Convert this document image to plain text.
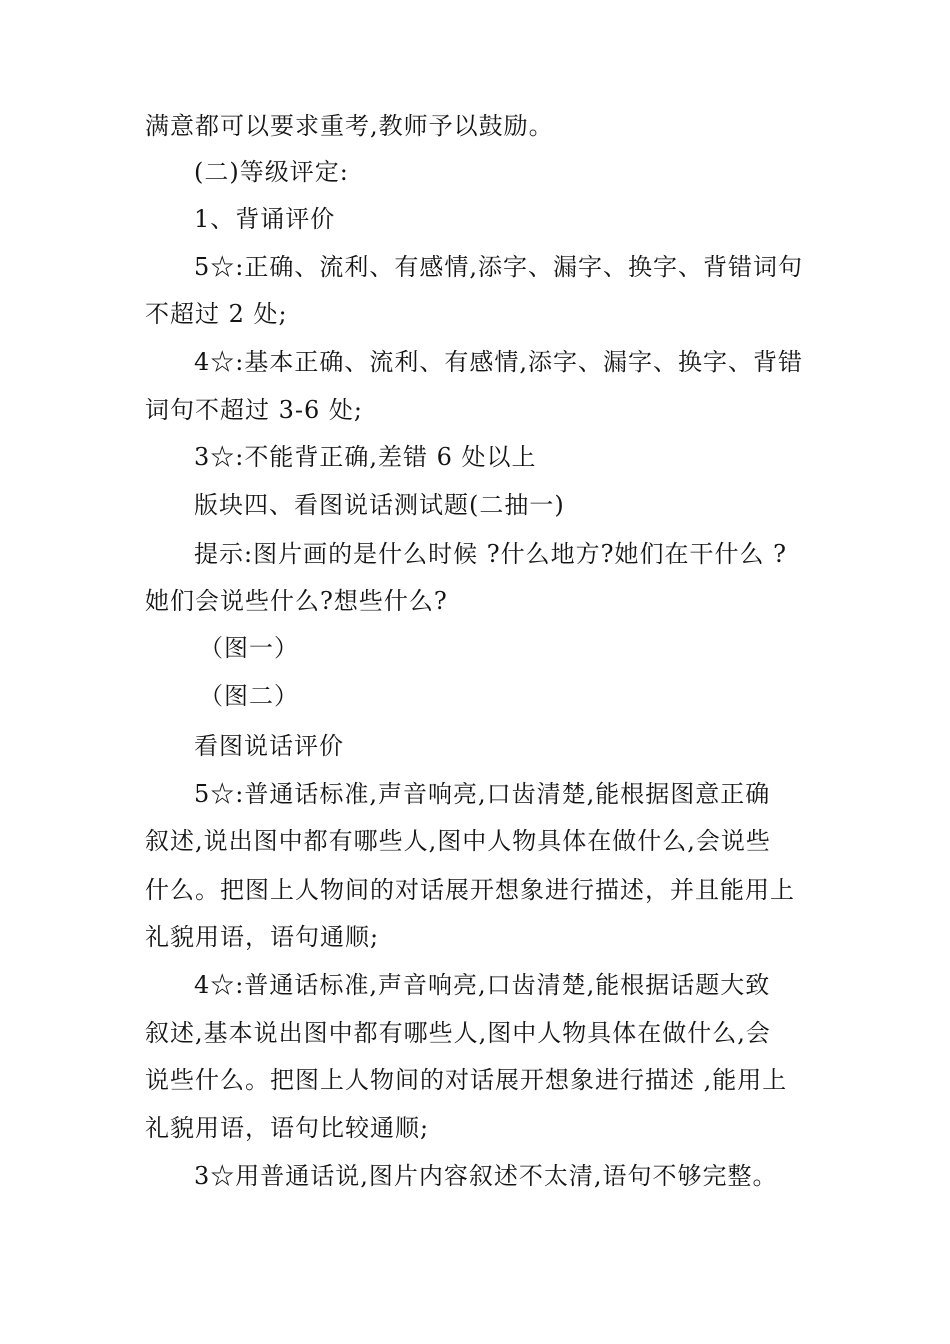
满意都可以要求重考,教师予以鼓励。
(二)等级评定:
1、背诵评价
5☆:正确、流利、有感情,添字、漏字、换字、背错词句
不超过 2 处;
4☆:基本正确、流利、有感情,添字、漏字、换字、背错
词句不超过 3-6 处;
3☆:不能背正确,差错 6 处以上
版块四、看图说话测试题(二抽一)
提示:图片画的是什么时候 ?什么地方?她们在干什么 ?
她们会说些什么?想些什么?
（图一）
（图二）
看图说话评价
5☆:普通话标准,声音响亮,口齿清楚,能根据图意正确
叙述,说出图中都有哪些人,图中人物具体在做什么,会说些
什么。把图上人物间的对话展开想象进行描述，并且能用上
礼貌用语，语句通顺;
4☆:普通话标准,声音响亮,口齿清楚,能根据话题大致
叙述,基本说出图中都有哪些人,图中人物具体在做什么,会
说些什么。把图上人物间的对话展开想象进行描述 ,能用上
礼貌用语，语句比较通顺;
3☆用普通话说,图片内容叙述不太清,语句不够完整。
